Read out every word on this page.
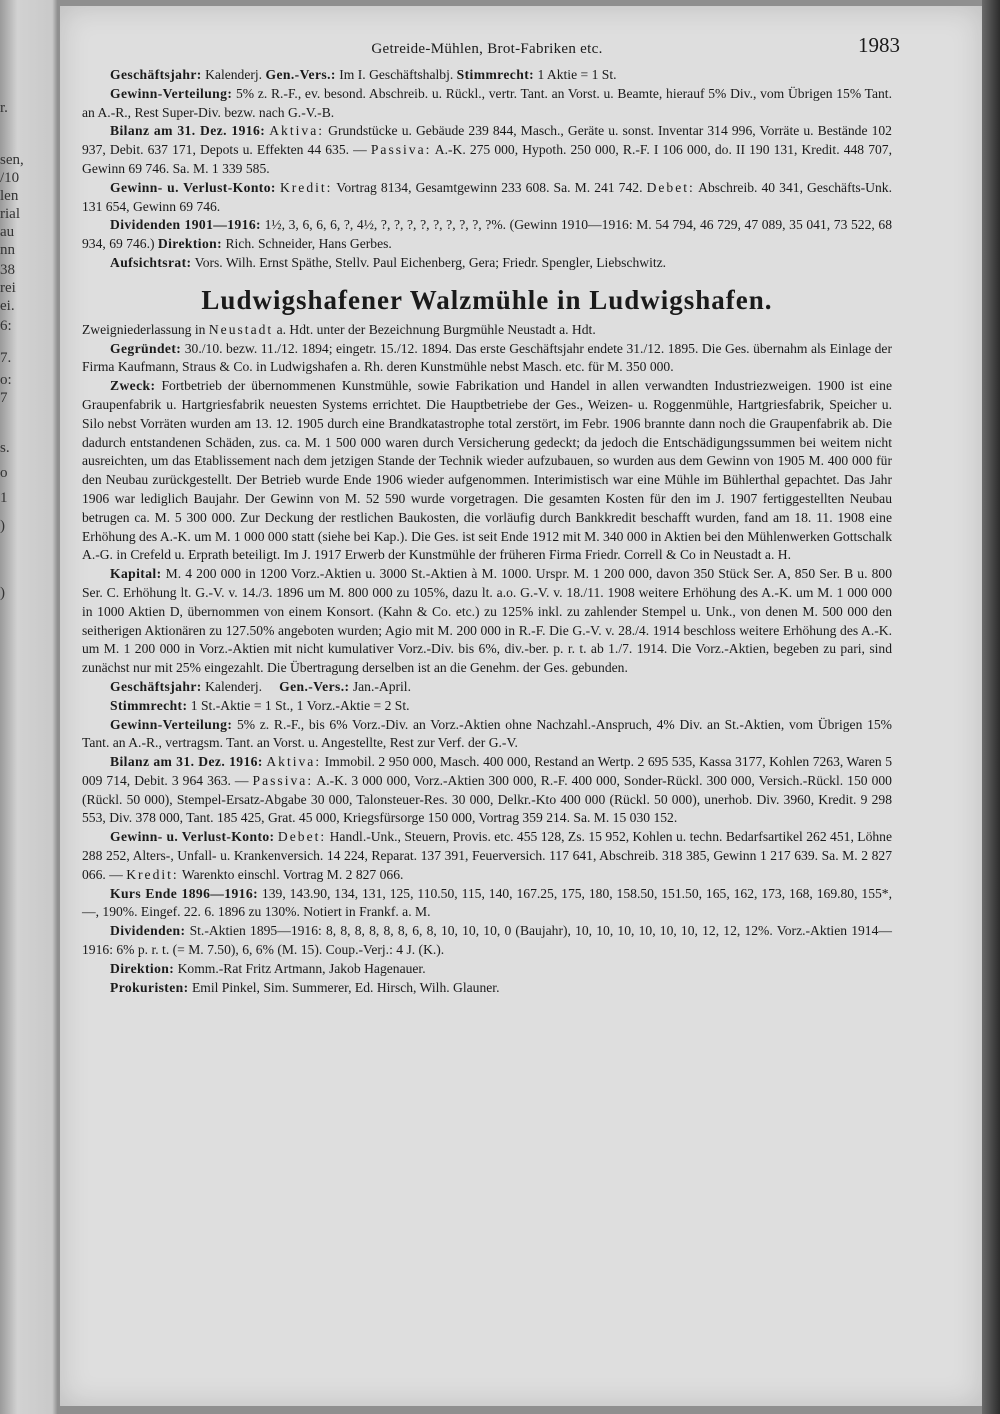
r.
sen,
/10
len
rial
au
nn
38
rei
ei.
6:
7.
o:
7
s.
o
1
)
)
Getreide-Mühlen, Brot-Fabriken etc.	1983

Geschäftsjahr: Kalenderj. Gen.-Vers.: Im I. Geschäftshalbj. Stimmrecht: 1 Aktie = 1 St.

Gewinn-Verteilung: 5% z. R.-F., ev. besond. Abschreib. u. Rückl., vertr. Tant. an Vorst. u. Beamte, hierauf 5% Div., vom Übrigen 15% Tant. an A.-R., Rest Super-Div. bezw. nach G.-V.-B.

Bilanz am 31. Dez. 1916: Aktiva: Grundstücke u. Gebäude 239 844, Masch., Geräte u. sonst. Inventar 314 996, Vorräte u. Bestände 102 937, Debit. 637 171, Depots u. Effekten 44 635. — Passiva: A.-K. 275 000, Hypoth. 250 000, R.-F. I 106 000, do. II 190 131, Kredit. 448 707, Gewinn 69 746. Sa. M. 1 339 585.

Gewinn- u. Verlust-Konto: Kredit: Vortrag 8134, Gesamtgewinn 233 608. Sa. M. 241 742. Debet: Abschreib. 40 341, Geschäfts-Unk. 131 654, Gewinn 69 746.

Dividenden 1901—1916: 1½, 3, 6, 6, 6, ?, 4½, ?, ?, ?, ?, ?, ?, ?, ?, ?%. (Gewinn 1910—1916: M. 54 794, 46 729, 47 089, 35 041, 73 522, 68 934, 69 746.) Direktion: Rich. Schneider, Hans Gerbes.

Aufsichtsrat: Vors. Wilh. Ernst Späthe, Stellv. Paul Eichenberg, Gera; Friedr. Spengler, Liebschwitz.

Ludwigshafener Walzmühle in Ludwigshafen.

Zweigniederlassung in Neustadt a. Hdt. unter der Bezeichnung Burgmühle Neustadt a. Hdt.

Gegründet: 30./10. bezw. 11./12. 1894; eingetr. 15./12. 1894. Das erste Geschäftsjahr endete 31./12. 1895. Die Ges. übernahm als Einlage der Firma Kaufmann, Straus & Co. in Ludwigshafen a. Rh. deren Kunstmühle nebst Masch. etc. für M. 350 000.

Zweck: Fortbetrieb der übernommenen Kunstmühle, sowie Fabrikation und Handel in allen verwandten Industriezweigen. 1900 ist eine Graupenfabrik u. Hartgriesfabrik neuesten Systems errichtet. Die Hauptbetriebe der Ges., Weizen- u. Roggenmühle, Hartgriesfabrik, Speicher u. Silo nebst Vorräten wurden am 13. 12. 1905 durch eine Brandkatastrophe total zerstört, im Febr. 1906 brannte dann noch die Graupenfabrik ab. Die dadurch entstandenen Schäden, zus. ca. M. 1 500 000 waren durch Versicherung gedeckt; da jedoch die Entschädigungssummen bei weitem nicht ausreichten, um das Etablissement nach dem jetzigen Stande der Technik wieder aufzubauen, so wurden aus dem Gewinn von 1905 M. 400 000 für den Neubau zurückgestellt. Der Betrieb wurde Ende 1906 wieder aufgenommen. Interimistisch war eine Mühle im Bühlerthal gepachtet. Das Jahr 1906 war lediglich Baujahr. Der Gewinn von M. 52 590 wurde vorgetragen. Die gesamten Kosten für den im J. 1907 fertiggestellten Neubau betrugen ca. M. 5 300 000. Zur Deckung der restlichen Baukosten, die vorläufig durch Bankkredit beschafft wurden, fand am 18. 11. 1908 eine Erhöhung des A.-K. um M. 1 000 000 statt (siehe bei Kap.). Die Ges. ist seit Ende 1912 mit M. 340 000 in Aktien bei den Mühlenwerken Gottschalk A.-G. in Crefeld u. Erprath beteiligt. Im J. 1917 Erwerb der Kunstmühle der früheren Firma Friedr. Correll & Co in Neustadt a. H.

Kapital: M. 4 200 000 in 1200 Vorz.-Aktien u. 3000 St.-Aktien à M. 1000. Urspr. M. 1 200 000, davon 350 Stück Ser. A, 850 Ser. B u. 800 Ser. C. Erhöhung lt. G.-V. v. 14./3. 1896 um M. 800 000 zu 105%, dazu lt. a.o. G.-V. v. 18./11. 1908 weitere Erhöhung des A.-K. um M. 1 000 000 in 1000 Aktien D, übernommen von einem Konsort. (Kahn & Co. etc.) zu 125% inkl. zu zahlender Stempel u. Unk., von denen M. 500 000 den seitherigen Aktionären zu 127.50% angeboten wurden; Agio mit M. 200 000 in R.-F. Die G.-V. v. 28./4. 1914 beschloss weitere Erhöhung des A.-K. um M. 1 200 000 in Vorz.-Aktien mit nicht kumulativer Vorz.-Div. bis 6%, div.-ber. p. r. t. ab 1./7. 1914. Die Vorz.-Aktien, begeben zu pari, sind zunächst nur mit 25% eingezahlt. Die Übertragung derselben ist an die Genehm. der Ges. gebunden.

Geschäftsjahr: Kalenderj. Gen.-Vers.: Jan.-April.

Stimmrecht: 1 St.-Aktie = 1 St., 1 Vorz.-Aktie = 2 St.

Gewinn-Verteilung: 5% z. R.-F., bis 6% Vorz.-Div. an Vorz.-Aktien ohne Nachzahl.-Anspruch, 4% Div. an St.-Aktien, vom Übrigen 15% Tant. an A.-R., vertragsm. Tant. an Vorst. u. Angestellte, Rest zur Verf. der G.-V.

Bilanz am 31. Dez. 1916: Aktiva: Immobil. 2 950 000, Masch. 400 000, Restand an Wertp. 2 695 535, Kassa 3177, Kohlen 7263, Waren 5 009 714, Debit. 3 964 363. — Passiva: A.-K. 3 000 000, Vorz.-Aktien 300 000, R.-F. 400 000, Sonder-Rückl. 300 000, Versich.-Rückl. 150 000 (Rückl. 50 000), Stempel-Ersatz-Abgabe 30 000, Talonsteuer-Res. 30 000, Delkr.-Kto 400 000 (Rückl. 50 000), unerhob. Div. 3960, Kredit. 9 298 553, Div. 378 000, Tant. 185 425, Grat. 45 000, Kriegsfürsorge 150 000, Vortrag 359 214. Sa. M. 15 030 152.

Gewinn- u. Verlust-Konto: Debet: Handl.-Unk., Steuern, Provis. etc. 455 128, Zs. 15 952, Kohlen u. techn. Bedarfsartikel 262 451, Löhne 288 252, Alters-, Unfall- u. Krankenversich. 14 224, Reparat. 137 391, Feuerversich. 117 641, Abschreib. 318 385, Gewinn 1 217 639. Sa. M. 2 827 066. — Kredit: Warenkto einschl. Vortrag M. 2 827 066.

Kurs Ende 1896—1916: 139, 143.90, 134, 131, 125, 110.50, 115, 140, 167.25, 175, 180, 158.50, 151.50, 165, 162, 173, 168, 169.80, 155*, —, 190%. Eingef. 22. 6. 1896 zu 130%. Notiert in Frankf. a. M.

Dividenden: St.-Aktien 1895—1916: 8, 8, 8, 8, 8, 8, 6, 8, 10, 10, 10, 0 (Baujahr), 10, 10, 10, 10, 10, 10, 12, 12, 12%. Vorz.-Aktien 1914—1916: 6% p. r. t. (= M. 7.50), 6, 6% (M. 15). Coup.-Verj.: 4 J. (K.).

Direktion: Komm.-Rat Fritz Artmann, Jakob Hagenauer.

Prokuristen: Emil Pinkel, Sim. Summerer, Ed. Hirsch, Wilh. Glauner.
